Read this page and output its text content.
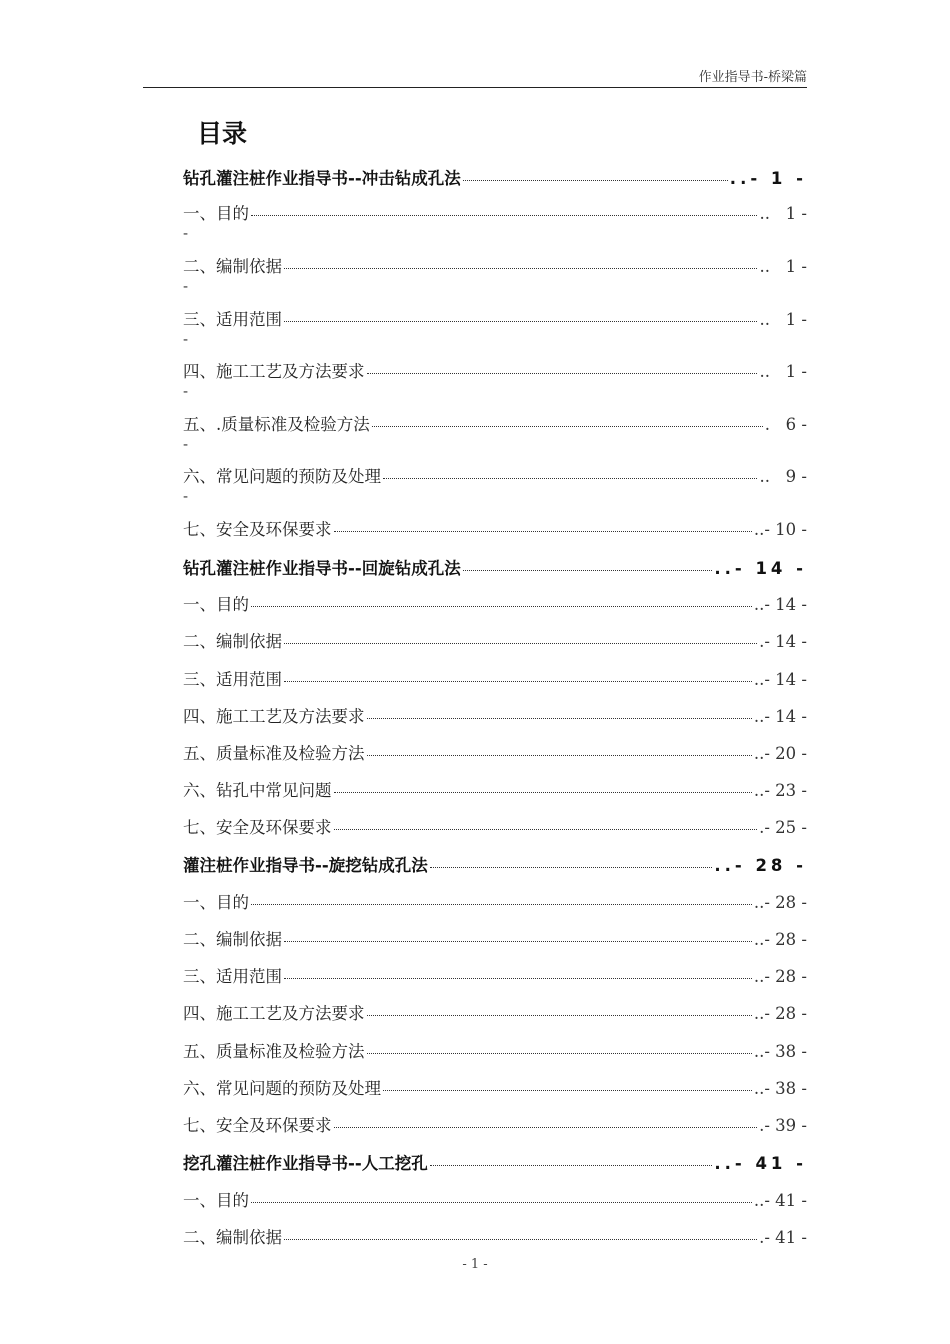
作业指导书-桥梁篇
目录
钻孔灌注桩作业指导书--冲击钻成孔法	..- 1 -
一、目的	..   1 -
-
二、编制依据	..   1 -
-
三、适用范围	..   1 -
-
四、施工工艺及方法要求	..   1 -
-
五、.质量标准及检验方法	.   6 -
-
六、常见问题的预防及处理	..   9 -
-
七、安全及环保要求	..- 10 -
钻孔灌注桩作业指导书--回旋钻成孔法	..- 14 -
一、目的	..- 14 -
二、编制依据	.- 14 -
三、适用范围	..- 14 -
四、施工工艺及方法要求	..- 14 -
五、质量标准及检验方法	..- 20 -
六、钻孔中常见问题	..- 23 -
七、安全及环保要求	.- 25 -
灌注桩作业指导书--旋挖钻成孔法	..- 28 -
一、目的	..- 28 -
二、编制依据	..- 28 -
三、适用范围	..- 28 -
四、施工工艺及方法要求	..- 28 -
五、质量标准及检验方法	..- 38 -
六、常见问题的预防及处理	..- 38 -
七、安全及环保要求	.- 39 -
挖孔灌注桩作业指导书--人工挖孔	..- 41 -
一、目的	..- 41 -
二、编制依据	.- 41 -
- 1 -
